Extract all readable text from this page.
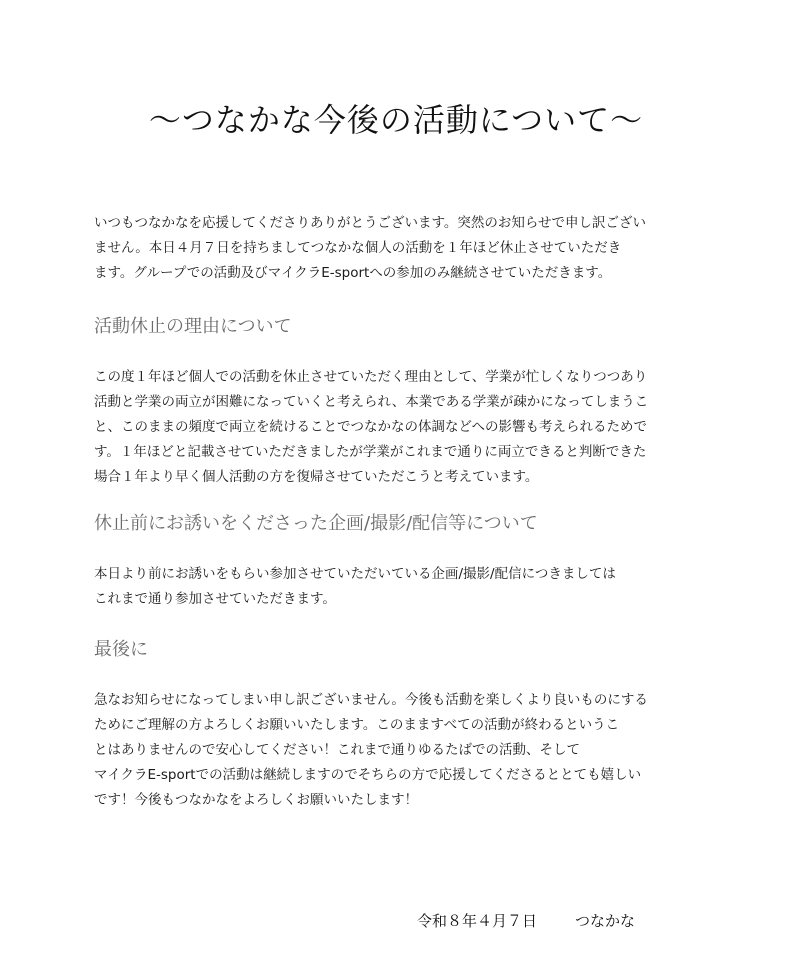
～つなかな今後の活動について～

いつもつなかなを応援してくださりありがとうございます。突然のお知らせで申し訳ござい
ません。本日４月７日を持ちましてつなかな個人の活動を１年ほど休止させていただき
ます。グループでの活動及びマイクラE-sportへの参加のみ継続させていただきます。

活動休止の理由について

この度１年ほど個人での活動を休止させていただく理由として、学業が忙しくなりつつあり
活動と学業の両立が困難になっていくと考えられ、本業である学業が疎かになってしまうこ
と、このままの頻度で両立を続けることでつなかなの体調などへの影響も考えられるためで
す。１年ほどと記載させていただきましたが学業がこれまで通りに両立できると判断できた
場合１年より早く個人活動の方を復帰させていただこうと考えています。

休止前にお誘いをくださった企画/撮影/配信等について

本日より前にお誘いをもらい参加させていただいている企画/撮影/配信につきましては
これまで通り参加させていただきます。

最後に

急なお知らせになってしまい申し訳ございません。今後も活動を楽しくより良いものにする
ためにご理解の方よろしくお願いいたします。このまますべての活動が終わるというこ
とはありませんので安心してください！これまで通りゆるたばでの活動、そして
マイクラE-sportでの活動は継続しますのでそちらの方で応援してくださるととても嬉しい
です！今後もつなかなをよろしくお願いいたします！

令和８年４月７日	つなかな
